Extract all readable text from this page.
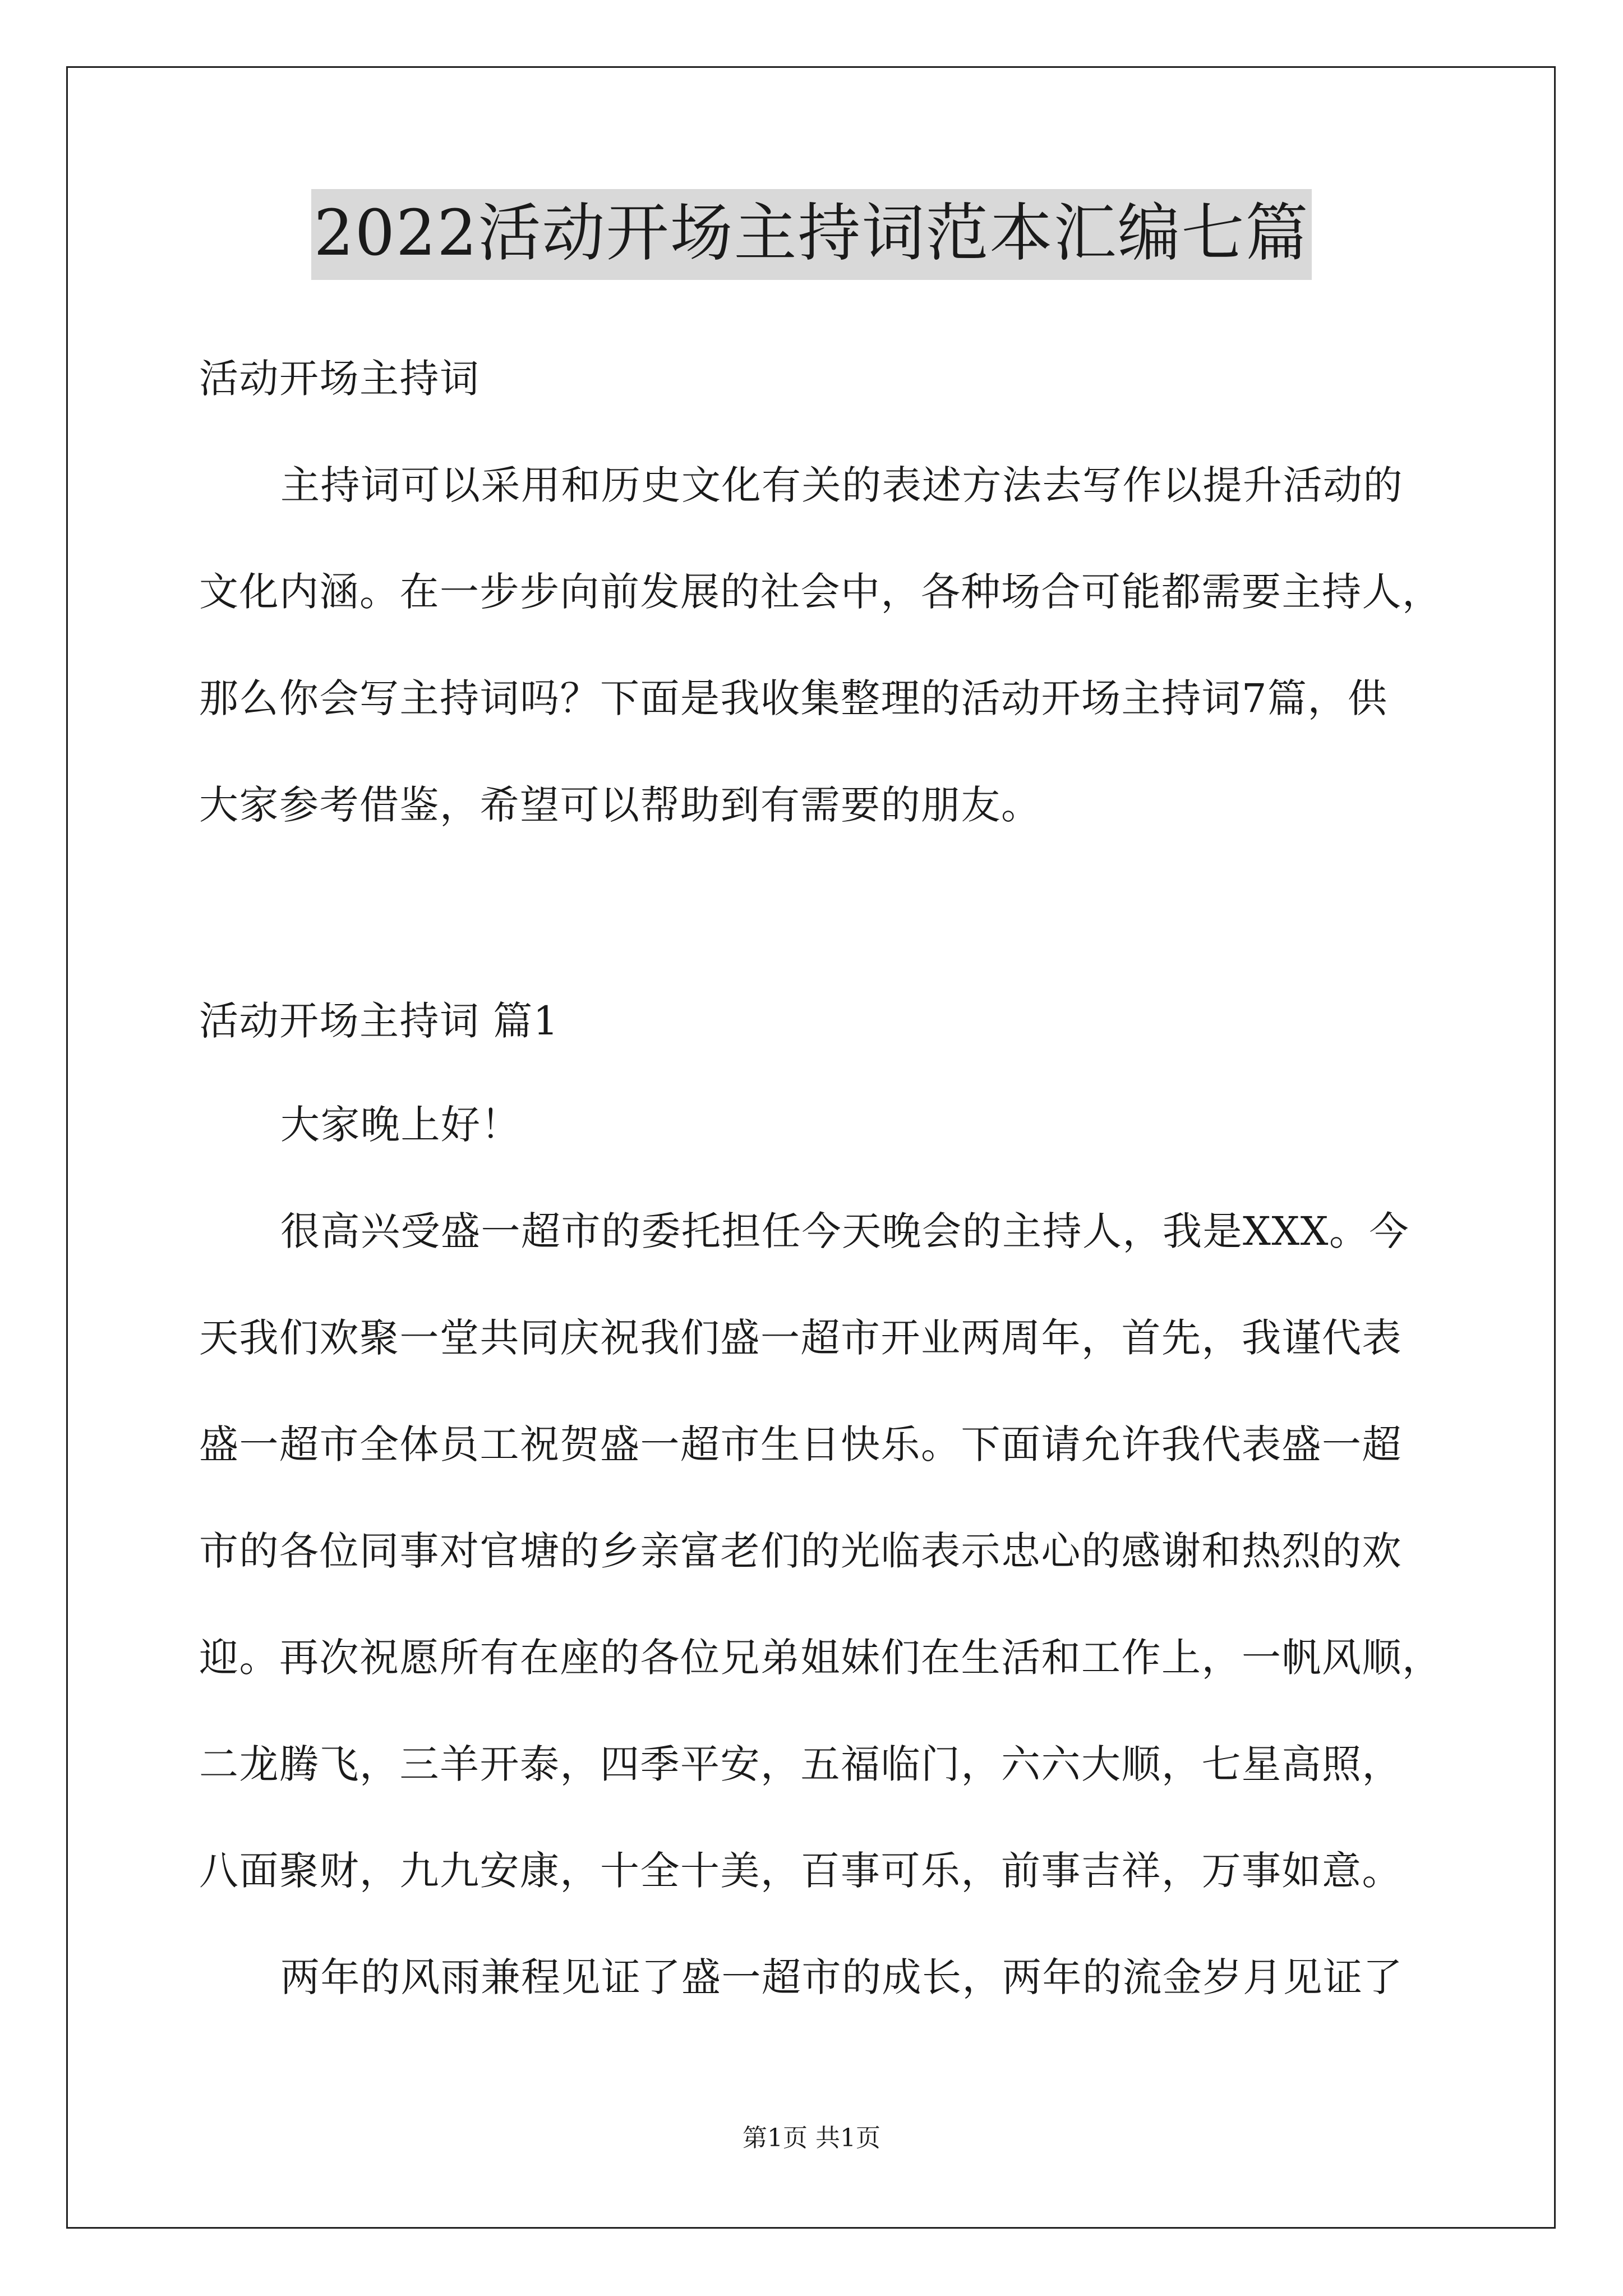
2022活动开场主持词范本汇编七篇
活动开场主持词
主持词可以采用和历史文化有关的表述方法去写作以提升活动的
文化内涵。在一步步向前发展的社会中，各种场合可能都需要主持人，
那么你会写主持词吗？下面是我收集整理的活动开场主持词7篇，供
大家参考借鉴，希望可以帮助到有需要的朋友。
活动开场主持词 篇1
大家晚上好！
很高兴受盛一超市的委托担任今天晚会的主持人，我是XXX。今
天我们欢聚一堂共同庆祝我们盛一超市开业两周年，首先，我谨代表
盛一超市全体员工祝贺盛一超市生日快乐。下面请允许我代表盛一超
市的各位同事对官塘的乡亲富老们的光临表示忠心的感谢和热烈的欢
迎。再次祝愿所有在座的各位兄弟姐妹们在生活和工作上，一帆风顺，
二龙腾飞，三羊开泰，四季平安，五福临门，六六大顺，七星高照，
八面聚财，九九安康，十全十美，百事可乐，前事吉祥，万事如意。
两年的风雨兼程见证了盛一超市的成长，两年的流金岁月见证了
第1页 共1页
